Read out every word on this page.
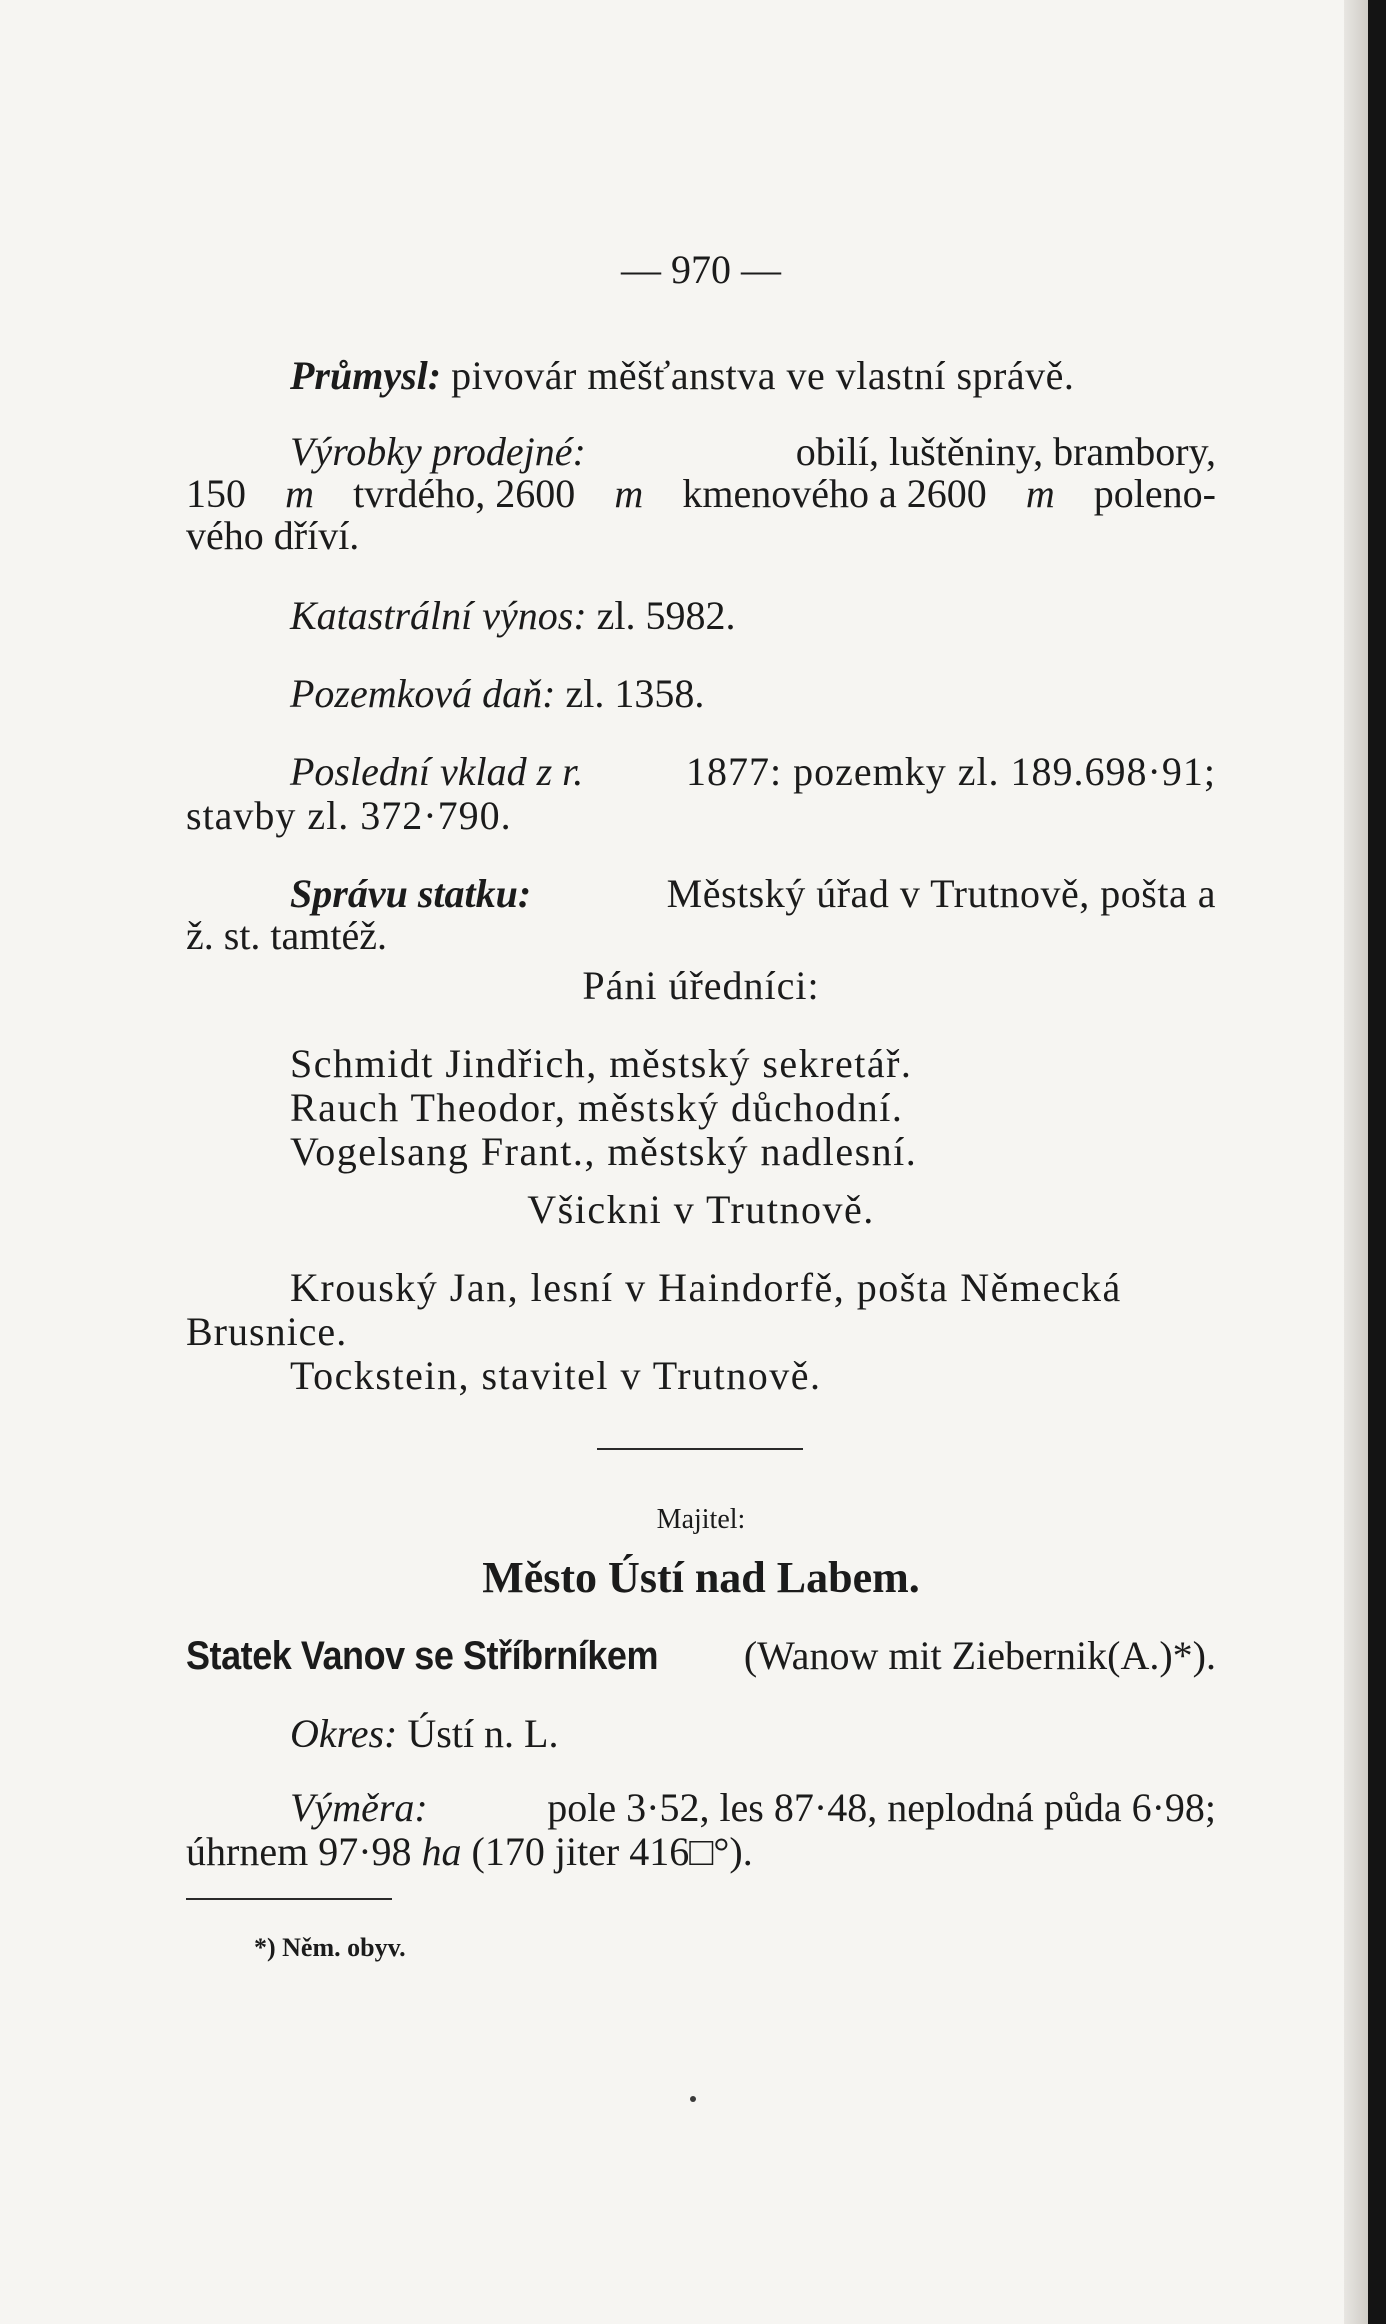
— 970 —
Průmysl: pivovár měšťanstva ve vlastní správě.
Výrobky prodejné:	obilí, luštěniny, brambory,
150 m tvrdého, 2600 m kmenového a 2600 m poleno-
vého dříví.
Katastrální výnos: zl. 5982.
Pozemková daň: zl. 1358.
Poslední vklad z r.	1877: pozemky zl. 189.698·91;
stavby zl. 372·790.
Správu statku:	Městský úřad v Trutnově, pošta a
ž. st. tamtéž.
Páni úředníci:
Schmidt Jindřich, městský sekretář.
Rauch Theodor, městský důchodní.
Vogelsang Frant., městský nadlesní.
Všickni v Trutnově.
Krouský Jan, lesní v Haindorfě, pošta Německá
Brusnice.
Tockstein, stavitel v Trutnově.
Majitel:
Město Ústí nad Labem.
Statek Vanov se Stříbrníkem (Wanow mit Ziebernik(A.)*).
Okres: Ústí n. L.
Výměra:	pole 3·52, les 87·48, neplodná půda 6·98;
úhrnem 97·98 ha (170 jiter 416□°).
*) Něm. obyv.
